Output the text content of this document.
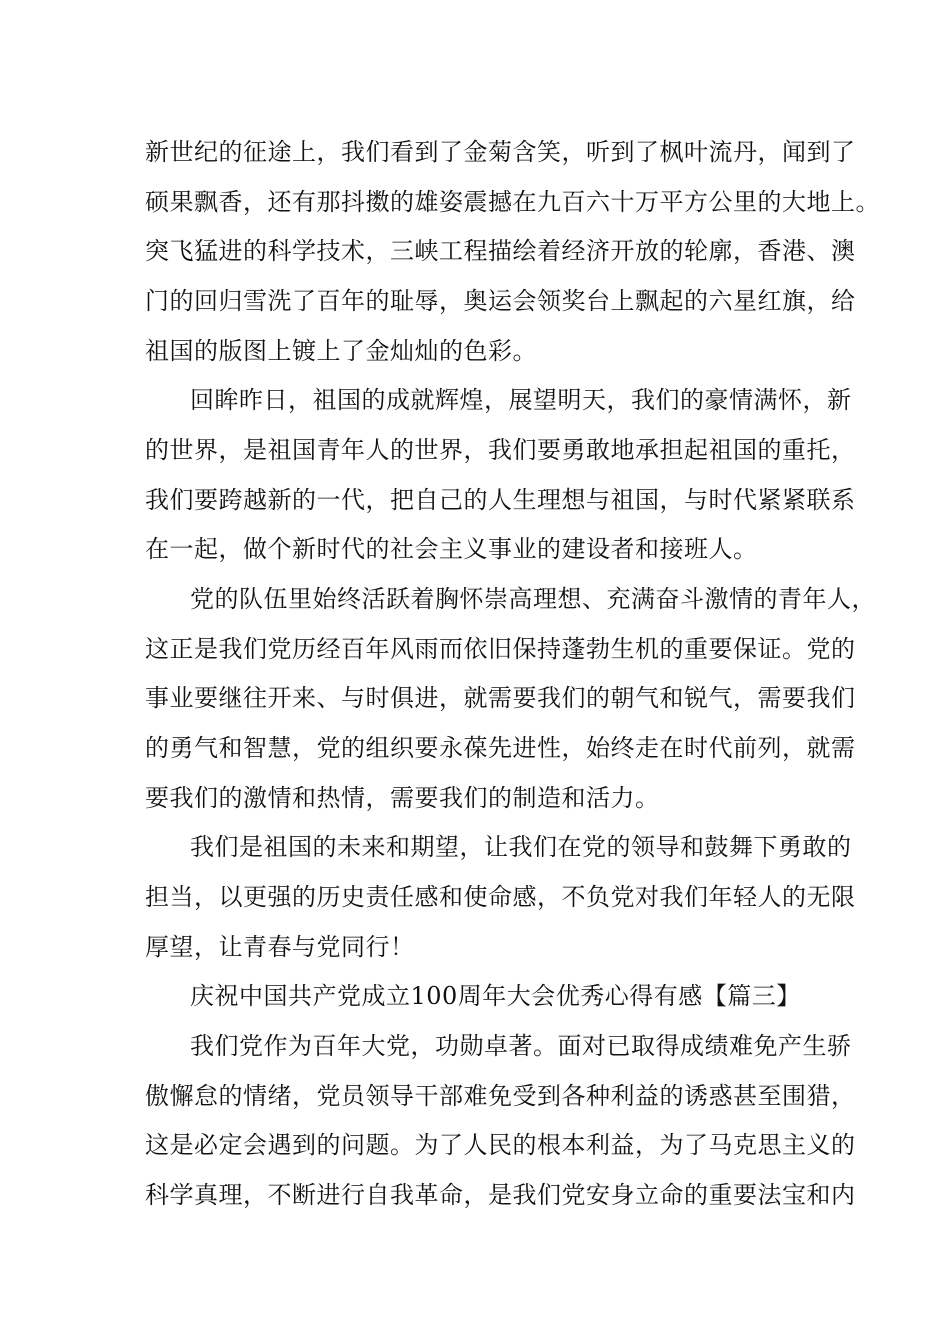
新世纪的征途上，我们看到了金菊含笑，听到了枫叶流丹，闻到了

硕果飘香，还有那抖擞的雄姿震撼在九百六十万平方公里的大地上。

突飞猛进的科学技术，三峡工程描绘着经济开放的轮廓，香港、澳

门的回归雪洗了百年的耻辱，奥运会领奖台上飘起的六星红旗，给

祖国的版图上镀上了金灿灿的色彩。

回眸昨日，祖国的成就辉煌，展望明天，我们的豪情满怀，新

的世界，是祖国青年人的世界，我们要勇敢地承担起祖国的重托，

我们要跨越新的一代，把自己的人生理想与祖国，与时代紧紧联系

在一起，做个新时代的社会主义事业的建设者和接班人。

党的队伍里始终活跃着胸怀崇高理想、充满奋斗激情的青年人，

这正是我们党历经百年风雨而依旧保持蓬勃生机的重要保证。党的

事业要继往开来、与时俱进，就需要我们的朝气和锐气，需要我们

的勇气和智慧，党的组织要永葆先进性，始终走在时代前列，就需

要我们的激情和热情，需要我们的制造和活力。

我们是祖国的未来和期望，让我们在党的领导和鼓舞下勇敢的

担当，以更强的历史责任感和使命感，不负党对我们年轻人的无限

厚望，让青春与党同行！

庆祝中国共产党成立100周年大会优秀心得有感【篇三】

我们党作为百年大党，功勋卓著。面对已取得成绩难免产生骄

傲懈怠的情绪，党员领导干部难免受到各种利益的诱惑甚至围猎，

这是必定会遇到的问题。为了人民的根本利益，为了马克思主义的

科学真理，不断进行自我革命，是我们党安身立命的重要法宝和内
